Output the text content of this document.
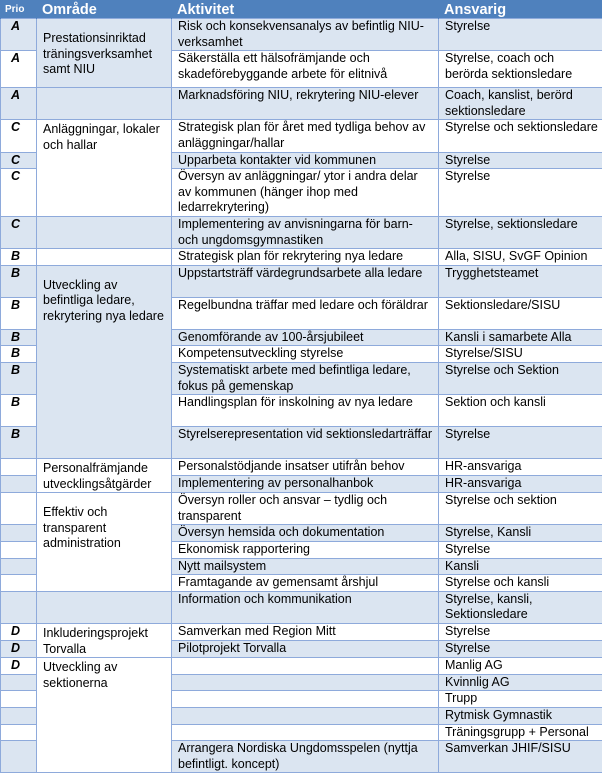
Prio	Område	Aktivitet	Ansvarig
A	Prestationsinriktad träningsverksamhet samt NIU	Risk och konsekvensanalys av befintlig NIU-verksamhet	Styrelse
A		Säkerställa ett hälsofrämjande och skadeförebyggande arbete för elitnivå	Styrelse, coach och berörda sektionsledare
A		Marknadsföring NIU, rekrytering NIU-elever	Coach, kanslist, berörd sektionsledare
C	Anläggningar, lokaler och hallar	Strategisk plan för året med tydliga behov av anläggningar/hallar	Styrelse och sektionsledare
C		Upparbeta kontakter vid kommunen	Styrelse
C		Översyn av anläggningar/ ytor i andra delar av kommunen (hänger ihop med ledarrekrytering)	Styrelse
C		Implementering av anvisningarna för barn- och ungdomsgymnastiken	Styrelse, sektionsledare
B		Strategisk plan för rekrytering nya ledare	Alla, SISU, SvGF Opinion
B	Utveckling av befintliga ledare, rekrytering nya ledare	Uppstartsträff värdegrundsarbete alla ledare	Trygghetsteamet
B		Regelbundna träffar med ledare och föräldrar	Sektionsledare/SISU
B		Genomförande av 100-årsjubileet	Kansli i samarbete Alla
B		Kompetensutveckling styrelse	Styrelse/SISU
B		Systematiskt arbete med befintliga ledare, fokus på gemenskap	Styrelse och Sektion
B		Handlingsplan för inskolning av nya ledare	Sektion och kansli
B		Styrelserepresentation vid sektionsledarträffar	Styrelse
	Personalfrämjande utvecklingsåtgärder	Personalstödjande insatser utifrån behov	HR-ansvariga
		Implementering av personalhanbok	HR-ansvariga
	Effektiv och transparent administration	Översyn roller och ansvar – tydlig och transparent	Styrelse och sektion
		Översyn hemsida och dokumentation	Styrelse, Kansli
		Ekonomisk rapportering	Styrelse
		Nytt mailsystem	Kansli
		Framtagande av gemensamt årshjul	Styrelse och kansli
		Information och kommunikation	Styrelse, kansli, Sektionsledare
D	Inkluderingsprojekt Torvalla	Samverkan med Region Mitt	Styrelse
D		Pilotprojekt Torvalla	Styrelse
D	Utveckling av sektionerna		Manlig AG
			Kvinnlig AG
			Trupp
			Rytmisk Gymnastik
			Träningsgrupp + Personal
		Arrangera Nordiska Ungdomsspelen (nyttja befintligt. koncept)	Samverkan JHIF/SISU
